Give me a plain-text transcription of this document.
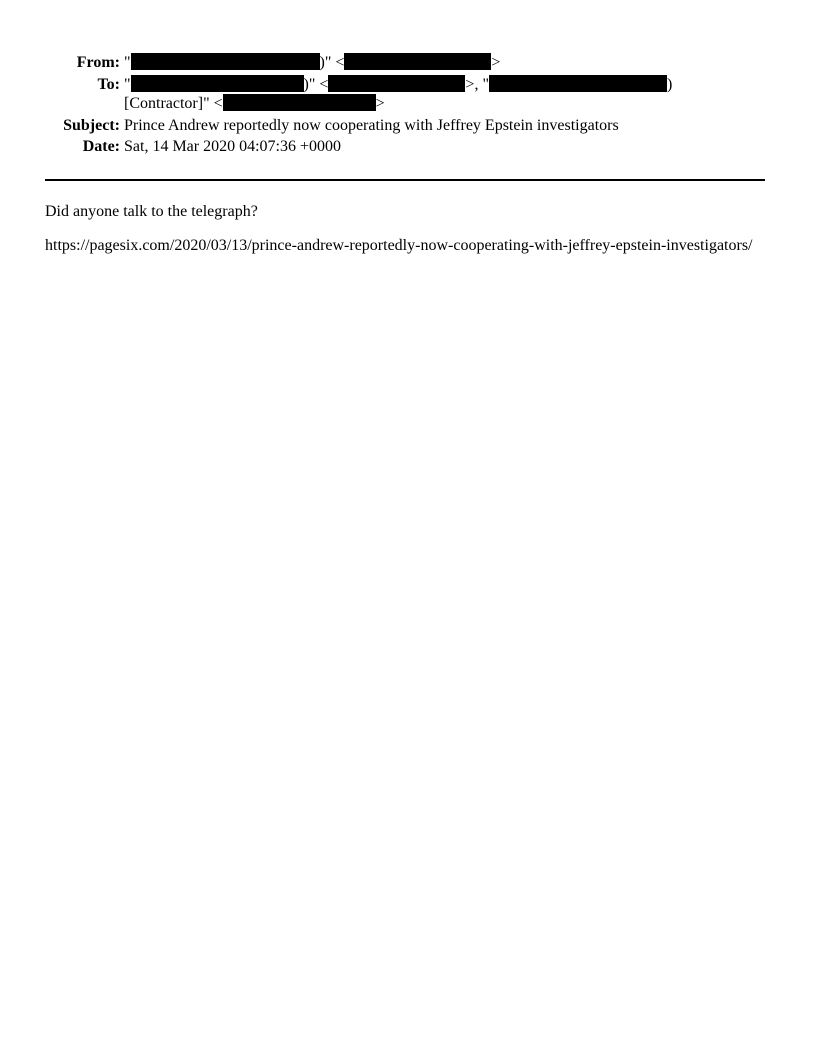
From: "	)" <	>
To: "	)" <	>, "	)
[Contractor]" <	>
Subject: Prince Andrew reportedly now cooperating with Jeffrey Epstein investigators
Date: Sat, 14 Mar 2020 04:07:36 +0000
Did anyone talk to the telegraph?
https://pagesix.com/2020/03/13/prince-andrew-reportedly-now-cooperating-with-jeffrey-epstein-investigators/
